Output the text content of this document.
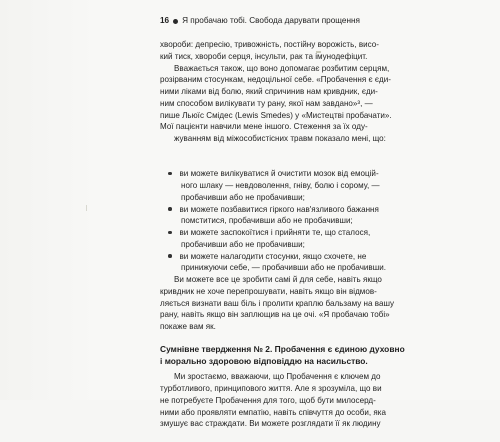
16 Я пробачаю тобі. Свобода дарувати прощення
хвороби: депресію, тривожність, постійну ворожість, висо-
кий тиск, хвороби серця, інсульти, рак та імунодефіцит.
Вважається також, що воно допомагає розбитим серцям,
розірваним стосункам, недоцільної себе. «Пробачення є єди-
ними ліками від болю, який спричинив нам кривдник, єди-
ним способом вилікувати ту рану, якої нам завдано»³, —
пише Льюїс Смідес (Lewis Smedes) у «Мистецтві пробачати».
Мої пацієнти навчили мене іншого. Стеження за їх оду-
жуванням від міжособистісних травм показало мені, що:
ви можете вилікуватися й очистити мозок від емоцій-
ного шлаку — невдоволення, гніву, болю і сорому, —
пробачивши або не пробачивши;
ви можете позбавитися гіркого нав'язливого бажання
помститися, пробачивши або не пробачивши;
ви можете заспокоїтися і прийняти те, що сталося,
пробачивши або не пробачивши;
ви можете налагодити стосунки, якщо схочете, не
принижуючи себе, — пробачивши або не пробачивши.
Ви можете все це зробити самі й для себе, навіть якщо
кривдник не хоче перепрошувати, навіть якщо він відмов-
ляється визнати ваш біль і пролити краплю бальзаму на вашу
рану, навіть якщо він заплющив на це очі. «Я пробачаю тобі»
покаже вам як.
Сумнівне твердження № 2. Пробачення є єдиною духовно
і морально здоровою відповіддю на насильство.
Ми зростаємо, вважаючи, що Пробачення є ключем до
турботливого, принципового життя. Але я зрозуміла, що ви
не потребуєте Пробачення для того, щоб бути милосерд-
ними або проявляти емпатію, навіть співчуття до особи, яка
змушує вас страждати. Ви можете розглядати її як людину
